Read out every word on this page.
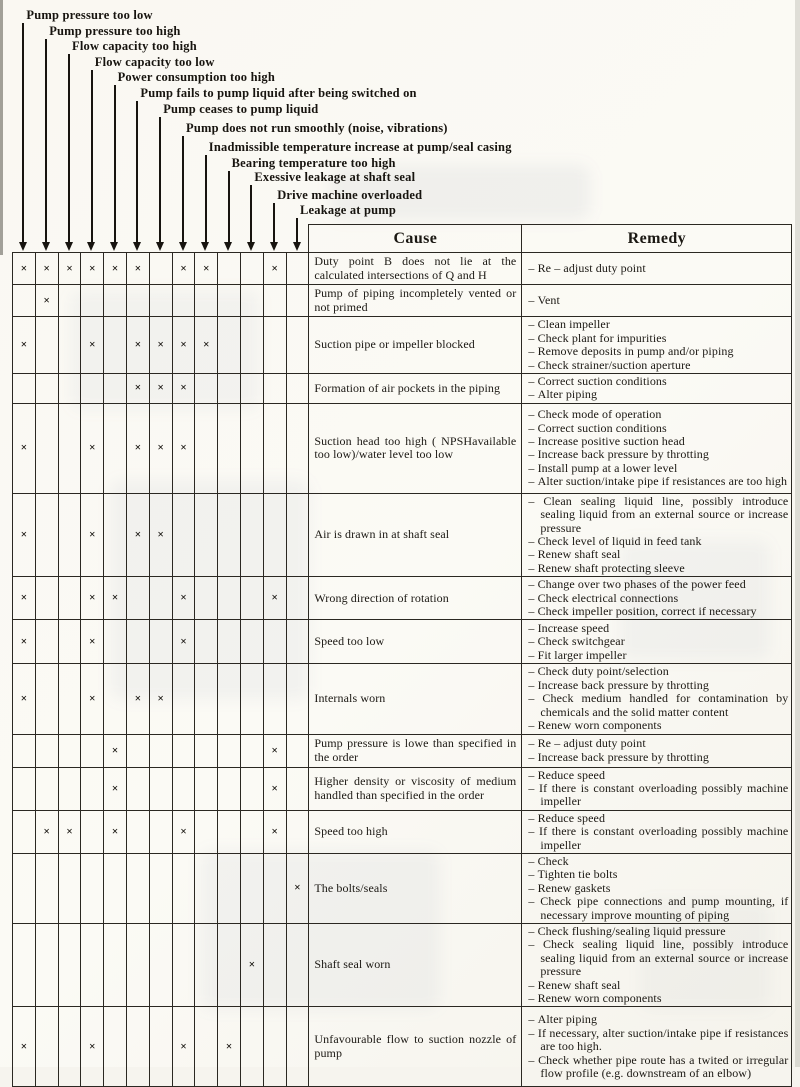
Pump pressure too low
Pump pressure too high
Flow capacity too high
Flow capacity too low
Power consumption too high
Pump fails to pump liquid after being switched on
Pump ceases to pump liquid
Pump does not run smoothly (noise, vibrations)
Inadmissible temperature increase at pump/seal casing
Bearing temperature too high
Exessive leakage at shaft seal
Drive machine overloaded
Leakage at pump
													Cause	Remedy
×	×	×	×	×	×		×	×			×		Duty point B does not lie at the calculated intersections of Q and H	
–Re – adjust duty point

	×												Pump of piping incompletely vented or not primed	
–Vent

×			×		×	×	×	×					Suction pipe or impeller blocked	
– Clean impeller
– Check plant for impurities
– Remove deposits in pump and/or piping
– Check strainer/suction aperture

					×	×	×						Formation of air pockets in the piping	
–Correct suction conditions
– Alter piping

×			×		×	×	×						Suction head too high ( NPSHavailable too low)/water level too low	
– Check mode of operation
– Correct suction conditions
– Increase positive suction head
– Increase back pressure by throtting
– Install pump at a lower level
– Alter suction/intake pipe if resistances are too high

×			×		×	×							Air is drawn in at shaft seal	
– Clean sealing liquid line, possibly introduce sealing liquid from an external source or increase pressure
– Check level of liquid in feed tank
– Renew shaft seal
– Renew shaft protecting sleeve

×			×	×			×				×		Wrong direction of rotation	
– Change over two phases of the power feed
– Check electrical connections
– Check impeller position, correct if necessary

×			×				×						Speed too low	
– Increase speed
– Check switchgear
– Fit larger impeller

×			×		×	×							Internals worn	
– Check duty point/selection
– Increase back pressure by throtting
– Check medium handled for contamination by chemicals and the solid matter content
– Renew worn components

				×							×		Pump pressure is lowe than specified in the order	
– Re – adjust duty point
– Increase back pressure by throtting

				×							×		Higher density or viscosity of medium handled than specified in the order	
– Reduce speed
– If there is constant overloading possibly machine impeller

	×	×		×			×				×		Speed too high	
– Reduce speed
– If there is constant overloading possibly machine impeller

												×	The bolts/seals	
– Check
– Tighten tie bolts
– Renew gaskets
– Check pipe connections and pump mounting, if necessary improve mounting of piping

										×			Shaft seal worn	
– Check flushing/sealing liquid pressure
– Check sealing liquid line, possibly introduce sealing liquid from an external source or increase pressure
– Renew shaft seal
– Renew worn components

×			×				×		×				Unfavourable flow to suction nozzle of pump	
– Alter piping
– If necessary, alter suction/intake pipe if resistances are too high.
– Check whether pipe route has a twited or irregular flow profile (e.g. downstream of an elbow)
